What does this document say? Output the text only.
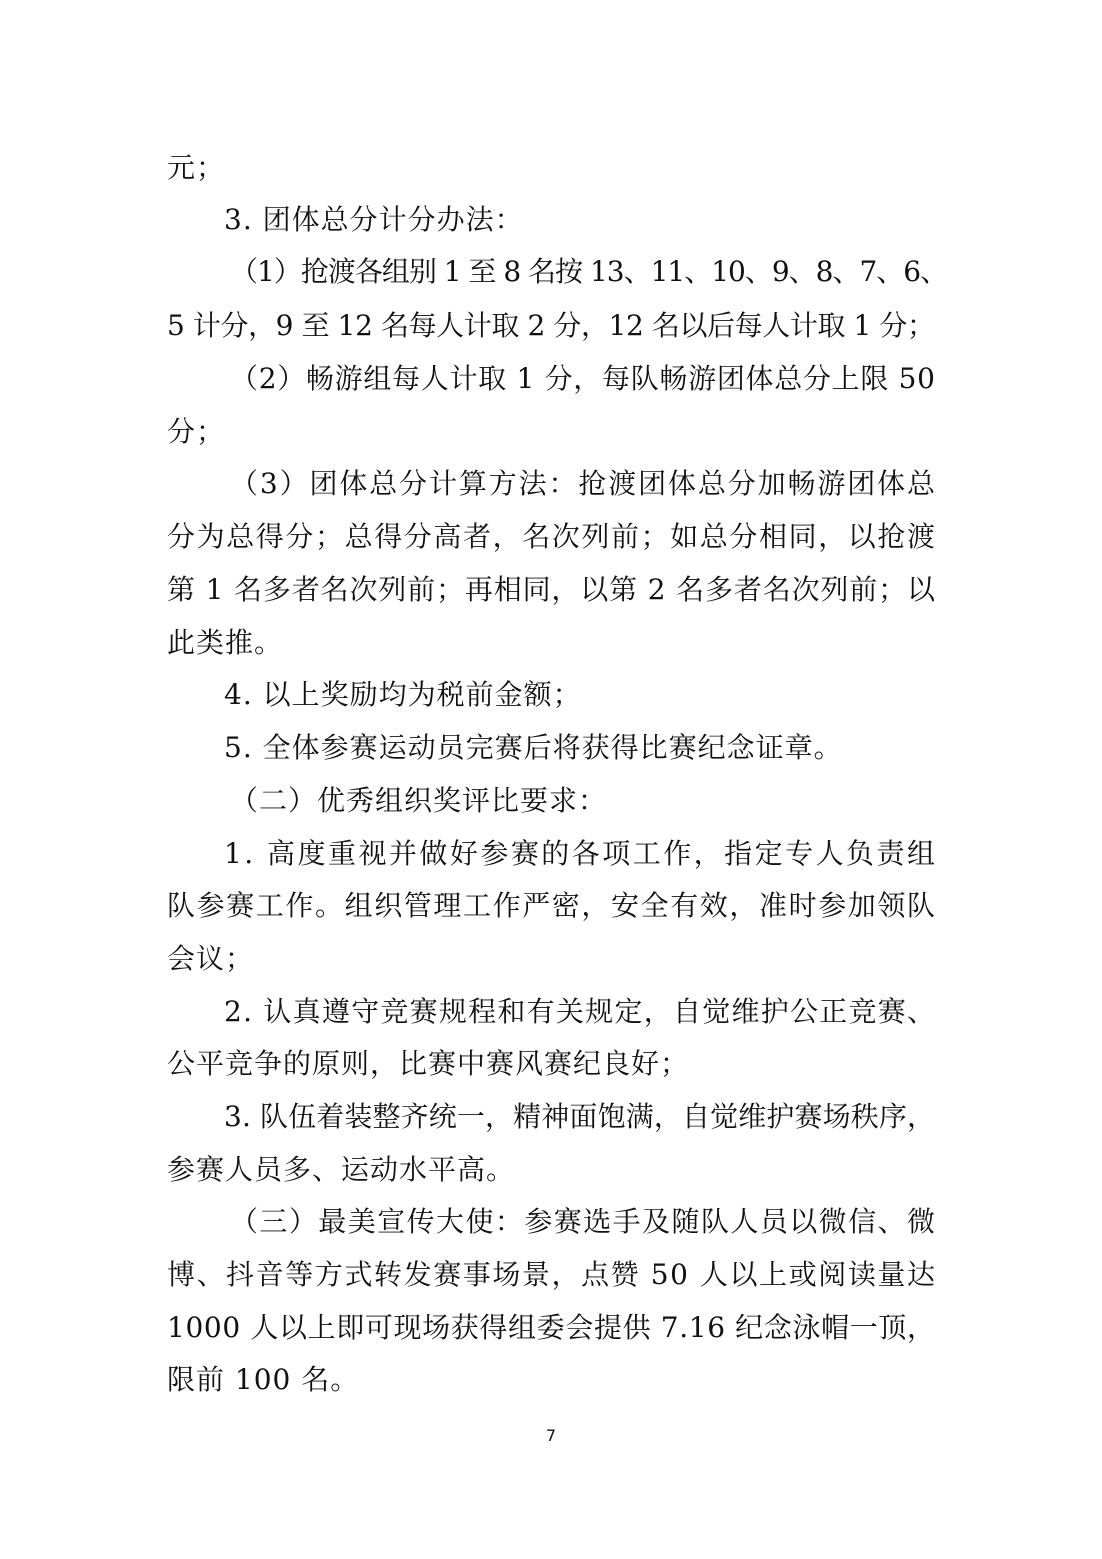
元；
3. 团体总分计分办法：
（1）抢渡各组别 1 至 8 名按 13、11、10、9、8、7、6、
5 计分，9 至 12 名每人计取 2 分，12 名以后每人计取 1 分；
（2）畅游组每人计取 1 分，每队畅游团体总分上限 50
分；
（3）团体总分计算方法：抢渡团体总分加畅游团体总
分为总得分；总得分高者，名次列前；如总分相同，以抢渡
第 1 名多者名次列前；再相同，以第 2 名多者名次列前；以
此类推。
4. 以上奖励均为税前金额；
5. 全体参赛运动员完赛后将获得比赛纪念证章。
（二）优秀组织奖评比要求：
1. 高度重视并做好参赛的各项工作，指定专人负责组
队参赛工作。组织管理工作严密，安全有效，准时参加领队
会议；
2. 认真遵守竞赛规程和有关规定，自觉维护公正竞赛、
公平竞争的原则，比赛中赛风赛纪良好；
3. 队伍着装整齐统一，精神面饱满，自觉维护赛场秩序，
参赛人员多、运动水平高。
（三）最美宣传大使：参赛选手及随队人员以微信、微
博、抖音等方式转发赛事场景，点赞 50 人以上或阅读量达
1000 人以上即可现场获得组委会提供 7.16 纪念泳帽一顶，
限前 100 名。
7
